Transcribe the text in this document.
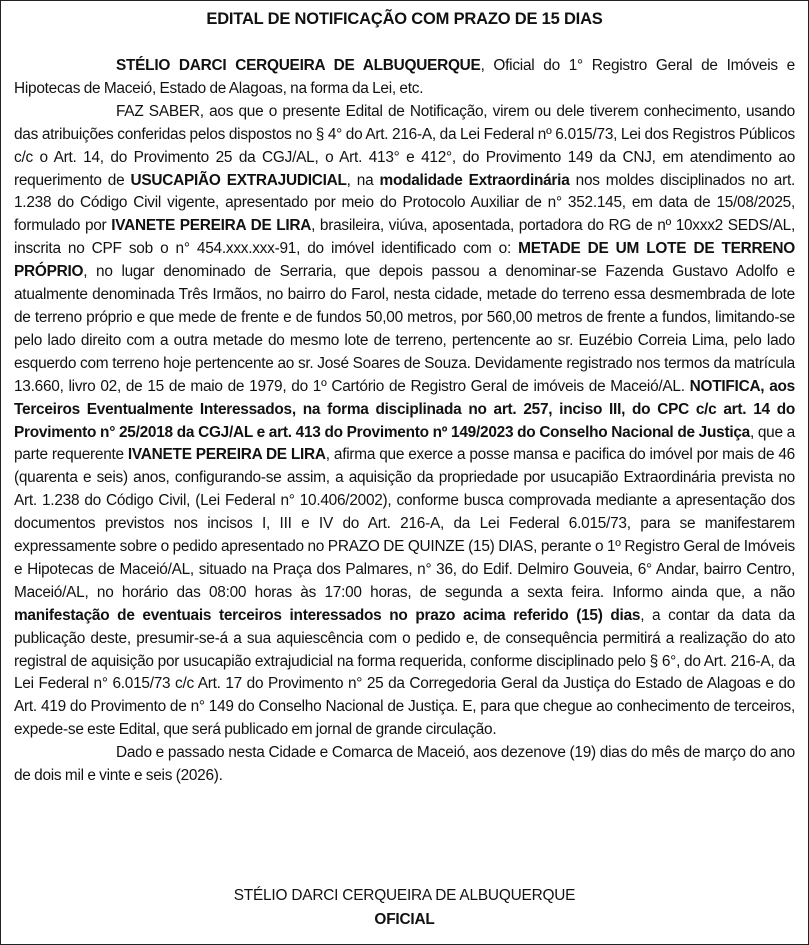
EDITAL DE NOTIFICAÇÃO COM PRAZO DE 15 DIAS

STÉLIO DARCI CERQUEIRA DE ALBUQUERQUE, Oficial do 1° Registro Geral de Imóveis e Hipotecas de Maceió, Estado de Alagoas, na forma da Lei, etc.

FAZ SABER, aos que o presente Edital de Notificação, virem ou dele tiverem conhecimento, usando das atribuições conferidas pelos dispostos no § 4° do Art. 216-A, da Lei Federal nº 6.015/73, Lei dos Registros Públicos c/c o Art. 14, do Provimento 25 da CGJ/AL, o Art. 413° e 412°, do Provimento 149 da CNJ, em atendimento ao requerimento de USUCAPIÃO EXTRAJUDICIAL, na modalidade Extraordinária nos moldes disciplinados no art. 1.238 do Código Civil vigente, apresentado por meio do Protocolo Auxiliar de n° 352.145, em data de 15/08/2025, formulado por IVANETE PEREIRA DE LIRA, brasileira, viúva, aposentada, portadora do RG de nº 10xxx2 SEDS/AL, inscrita no CPF sob o n° 454.xxx.xxx-91, do imóvel identificado com o: METADE DE UM LOTE DE TERRENO PRÓPRIO, no lugar denominado de Serraria, que depois passou a denominar-se Fazenda Gustavo Adolfo e atualmente denominada Três Irmãos, no bairro do Farol, nesta cidade, metade do terreno essa desmembrada de lote de terreno próprio e que mede de frente e de fundos 50,00 metros, por 560,00 metros de frente a fundos, limitando-se pelo lado direito com a outra metade do mesmo lote de terreno, pertencente ao sr. Euzébio Correia Lima, pelo lado esquerdo com terreno hoje pertencente ao sr. José Soares de Souza. Devidamente registrado nos termos da matrícula 13.660, livro 02, de 15 de maio de 1979, do 1º Cartório de Registro Geral de imóveis de Maceió/AL. NOTIFICA, aos Terceiros Eventualmente Interessados, na forma disciplinada no art. 257, inciso III, do CPC c/c art. 14 do Provimento n° 25/2018 da CGJ/AL e art. 413 do Provimento nº 149/2023 do Conselho Nacional de Justiça, que a parte requerente IVANETE PEREIRA DE LIRA, afirma que exerce a posse mansa e pacifica do imóvel por mais de 46 (quarenta e seis) anos, configurando-se assim, a aquisição da propriedade por usucapião Extraordinária prevista no Art. 1.238 do Código Civil, (Lei Federal n° 10.406/2002), conforme busca comprovada mediante a apresentação dos documentos previstos nos incisos I, III e IV do Art. 216-A, da Lei Federal 6.015/73, para se manifestarem expressamente sobre o pedido apresentado no PRAZO DE QUINZE (15) DIAS, perante o 1º Registro Geral de Imóveis e Hipotecas de Maceió/AL, situado na Praça dos Palmares, n° 36, do Edif. Delmiro Gouveia, 6° Andar, bairro Centro, Maceió/AL, no horário das 08:00 horas às 17:00 horas, de segunda a sexta feira. Informo ainda que, a não manifestação de eventuais terceiros interessados no prazo acima referido (15) dias, a contar da data da publicação deste, presumir-se-á a sua aquiescência com o pedido e, de consequência permitirá a realização do ato registral de aquisição por usucapião extrajudicial na forma requerida, conforme disciplinado pelo § 6°, do Art. 216-A, da Lei Federal n° 6.015/73 c/c Art. 17 do Provimento n° 25 da Corregedoria Geral da Justiça do Estado de Alagoas e do Art. 419 do Provimento de n° 149 do Conselho Nacional de Justiça. E, para que chegue ao conhecimento de terceiros, expede-se este Edital, que será publicado em jornal de grande circulação.

Dado e passado nesta Cidade e Comarca de Maceió, aos dezenove (19) dias do mês de março do ano de dois mil e vinte e seis (2026).

STÉLIO DARCI CERQUEIRA DE ALBUQUERQUE
OFICIAL
